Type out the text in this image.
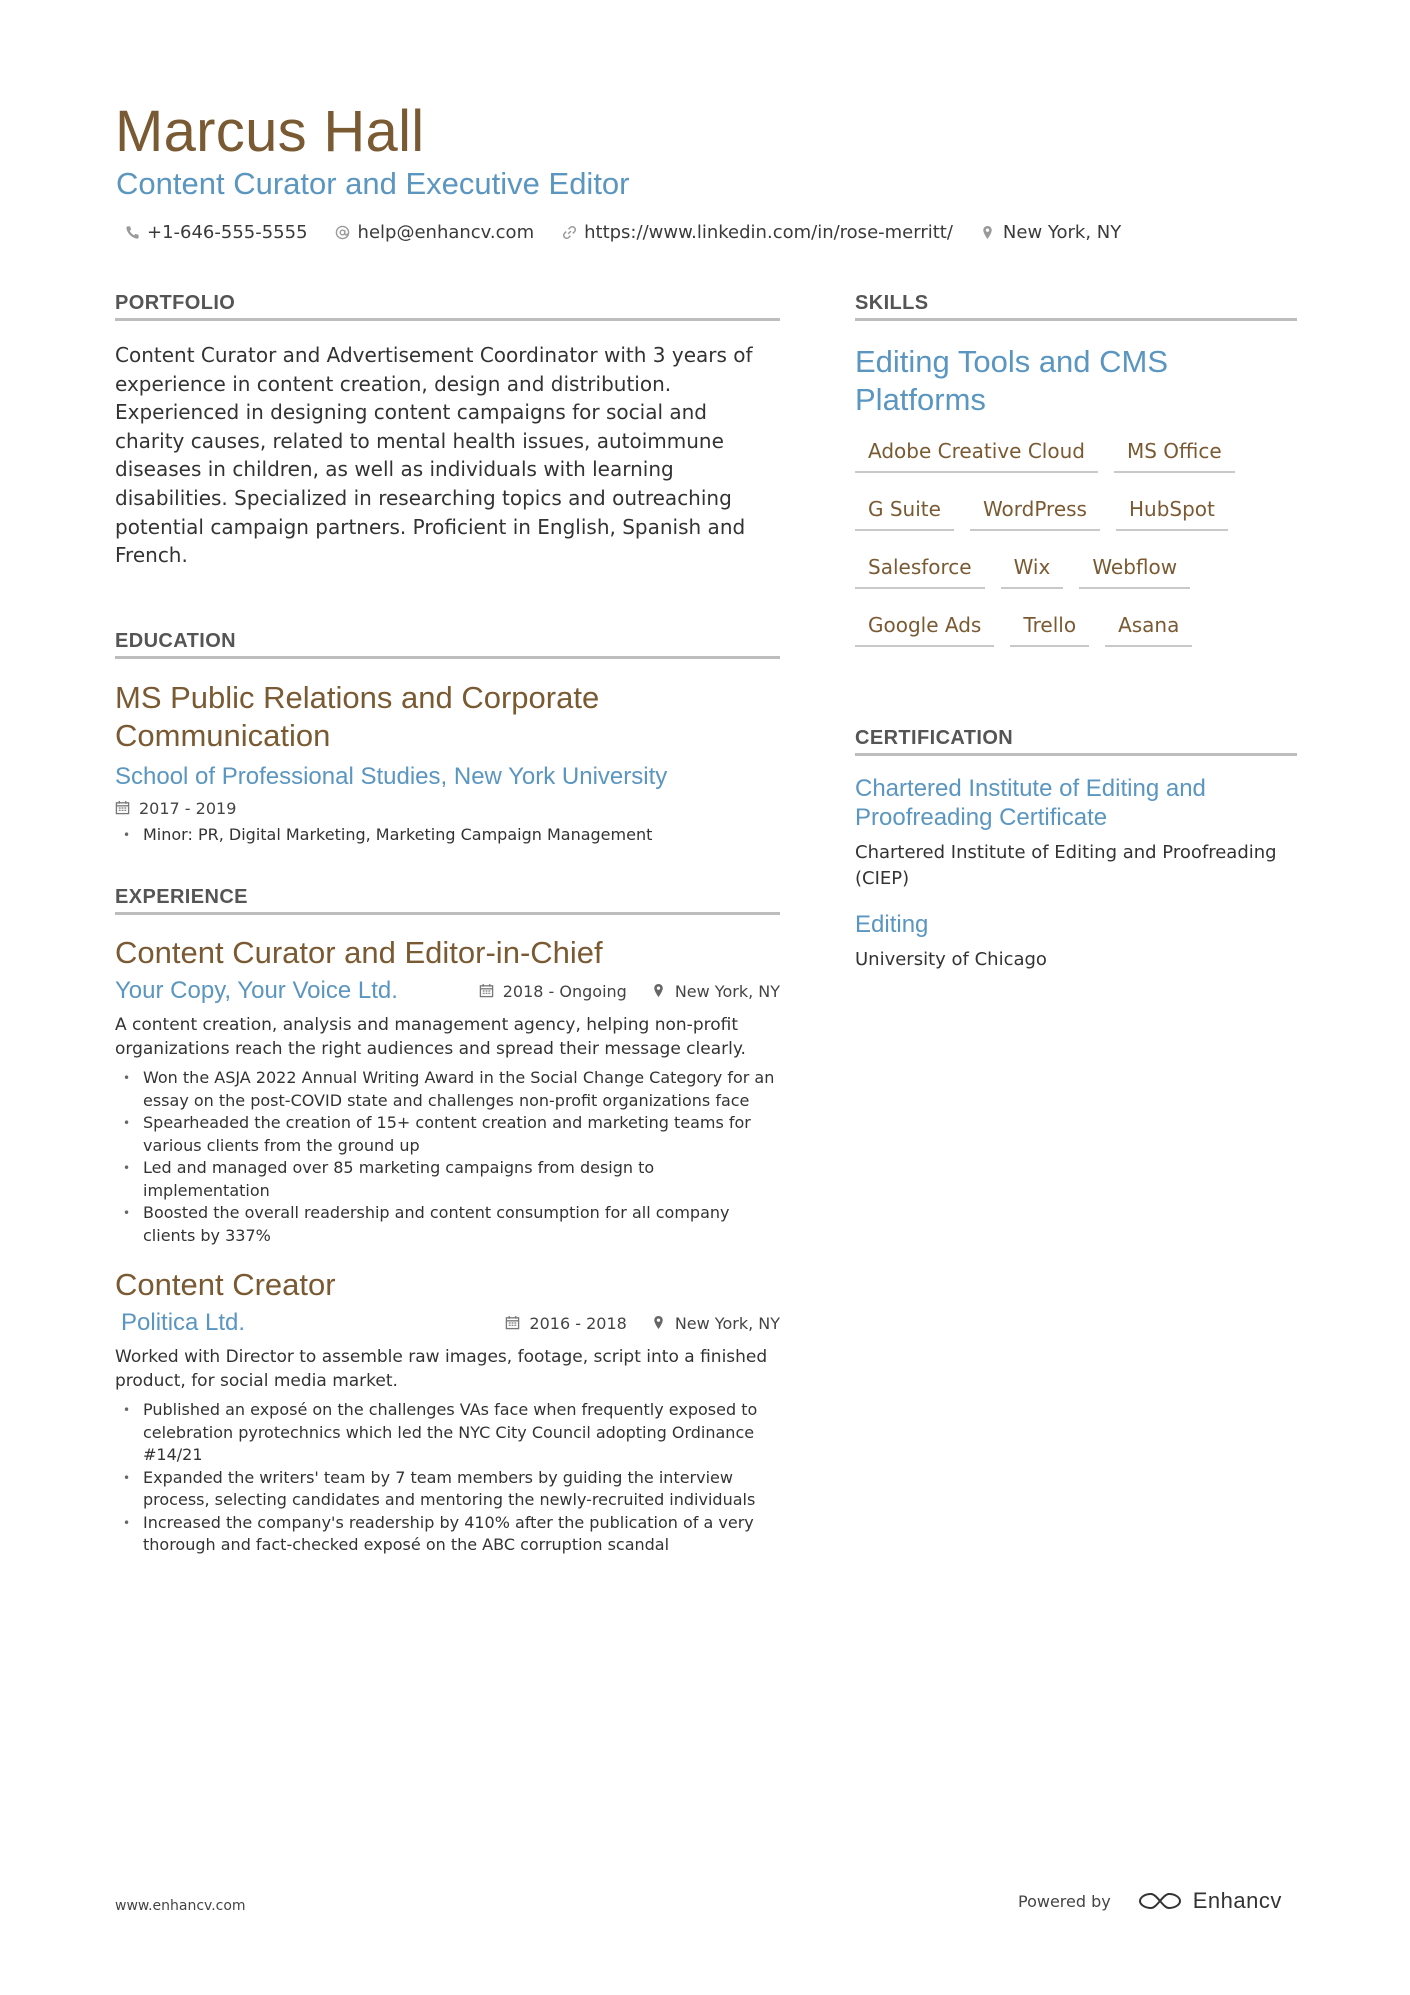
Marcus Hall
Content Curator and Executive Editor
+1-646-555-5555	help@enhancv.com	https://www.linkedin.com/in/rose-merritt/	New York, NY
PORTFOLIO

Content Curator and Advertisement Coordinator with 3 years of experience in content creation, design and distribution. Experienced in designing content campaigns for social and charity causes, related to mental health issues, autoimmune diseases in children, as well as individuals with learning disabilities. Specialized in researching topics and outreaching potential campaign partners. Proficient in English, Spanish and French.

EDUCATION
MS Public Relations and Corporate Communication
School of Professional Studies, New York University
2017 - 2019
• Minor: PR, Digital Marketing, Marketing Campaign Management
EXPERIENCE
Content Curator and Editor-in-Chief
Your Copy, Your Voice Ltd.	2018 - Ongoing	New York, NY

A content creation, analysis and management agency, helping non-profit organizations reach the right audiences and spread their message clearly.

• Won the ASJA 2022 Annual Writing Award in the Social Change Category for an essay on the post-COVID state and challenges non-profit organizations face
• Spearheaded the creation of 15+ content creation and marketing teams for various clients from the ground up
• Led and managed over 85 marketing campaigns from design to implementation
• Boosted the overall readership and content consumption for all company clients by 337%
Content Creator
Politica Ltd.	2016 - 2018	New York, NY

Worked with Director to assemble raw images, footage, script into a finished product, for social media market.

• Published an exposé on the challenges VAs face when frequently exposed to celebration pyrotechnics which led the NYC City Council adopting Ordinance #14/21
• Expanded the writers' team by 7 team members by guiding the interview process, selecting candidates and mentoring the newly-recruited individuals
• Increased the company's readership by 410% after the publication of a very thorough and fact-checked exposé on the ABC corruption scandal
SKILLS
Editing Tools and CMS Platforms
Adobe Creative Cloud	MS Office
G Suite	WordPress	HubSpot
Salesforce	Wix	Webflow
Google Ads	Trello	Asana
CERTIFICATION
Chartered Institute of Editing and Proofreading Certificate
Chartered Institute of Editing and Proofreading (CIEP)
Editing
University of Chicago
www.enhancv.com	Powered by	Enhancv
